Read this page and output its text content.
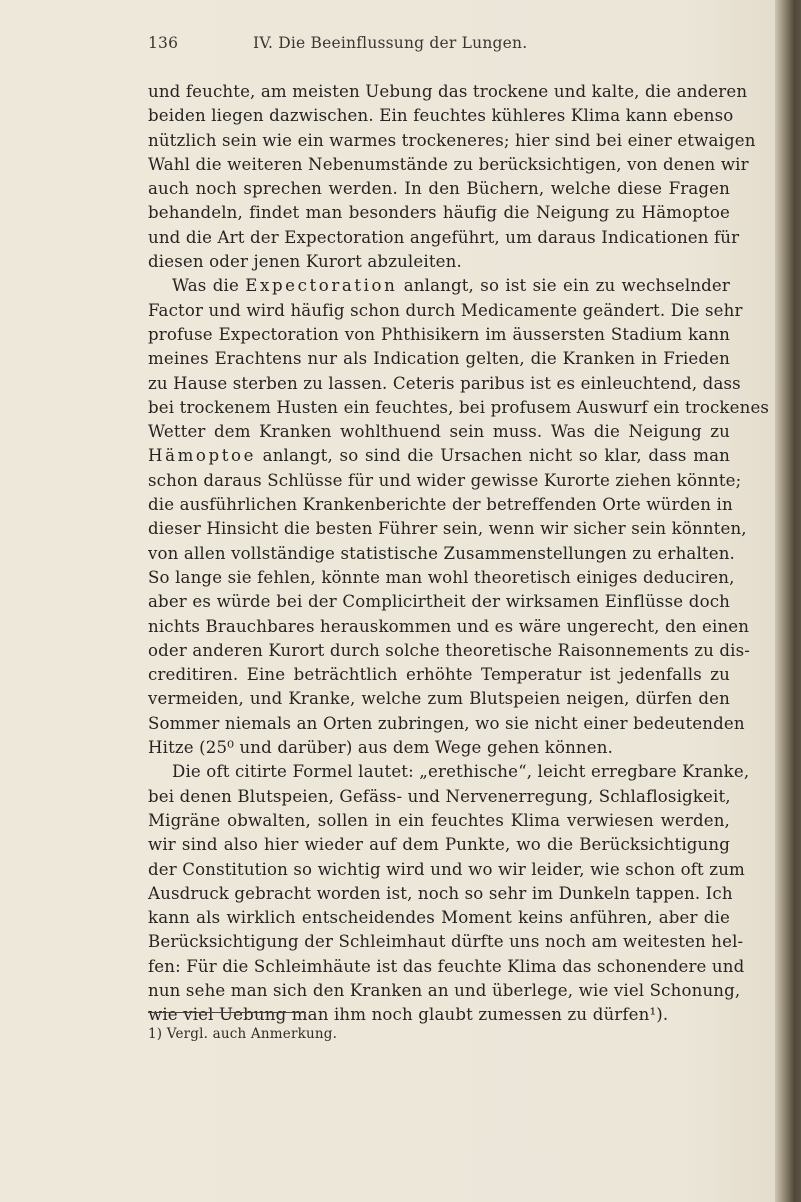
136	IV. Die Beeinflussung der Lungen.
und feuchte, am meisten Uebung das trockene und kalte, die anderen
beiden liegen dazwischen. Ein feuchtes kühleres Klima kann ebenso
nützlich sein wie ein warmes trockeneres; hier sind bei einer etwaigen
Wahl die weiteren Nebenumstände zu berücksichtigen, von denen wir
auch noch sprechen werden. In den Büchern, welche diese Fragen
behandeln, findet man besonders häufig die Neigung zu Hämoptoe
und die Art der Expectoration angeführt, um daraus Indicationen für
diesen oder jenen Kurort abzuleiten.
Was die Expectoration anlangt, so ist sie ein zu wechselnder
Factor und wird häufig schon durch Medicamente geändert. Die sehr
profuse Expectoration von Phthisikern im äussersten Stadium kann
meines Erachtens nur als Indication gelten, die Kranken in Frieden
zu Hause sterben zu lassen. Ceteris paribus ist es einleuchtend, dass
bei trockenem Husten ein feuchtes, bei profusem Auswurf ein trockenes
Wetter dem Kranken wohlthuend sein muss. Was die Neigung zu
Hämoptoe anlangt, so sind die Ursachen nicht so klar, dass man
schon daraus Schlüsse für und wider gewisse Kurorte ziehen könnte;
die ausführlichen Krankenberichte der betreffenden Orte würden in
dieser Hinsicht die besten Führer sein, wenn wir sicher sein könnten,
von allen vollständige statistische Zusammenstellungen zu erhalten.
So lange sie fehlen, könnte man wohl theoretisch einiges deduciren,
aber es würde bei der Complicirtheit der wirksamen Einflüsse doch
nichts Brauchbares herauskommen und es wäre ungerecht, den einen
oder anderen Kurort durch solche theoretische Raisonnements zu dis-
creditiren. Eine beträchtlich erhöhte Temperatur ist jedenfalls zu
vermeiden, und Kranke, welche zum Blutspeien neigen, dürfen den
Sommer niemals an Orten zubringen, wo sie nicht einer bedeutenden
Hitze (25⁰ und darüber) aus dem Wege gehen können.
Die oft citirte Formel lautet: „erethische“, leicht erregbare Kranke,
bei denen Blutspeien, Gefäss- und Nervenerregung, Schlaflosigkeit,
Migräne obwalten, sollen in ein feuchtes Klima verwiesen werden,
wir sind also hier wieder auf dem Punkte, wo die Berücksichtigung
der Constitution so wichtig wird und wo wir leider, wie schon oft zum
Ausdruck gebracht worden ist, noch so sehr im Dunkeln tappen. Ich
kann als wirklich entscheidendes Moment keins anführen, aber die
Berücksichtigung der Schleimhaut dürfte uns noch am weitesten hel-
fen: Für die Schleimhäute ist das feuchte Klima das schonendere und
nun sehe man sich den Kranken an und überlege, wie viel Schonung,
wie viel Uebung man ihm noch glaubt zumessen zu dürfen¹).
1) Vergl. auch Anmerkung.
